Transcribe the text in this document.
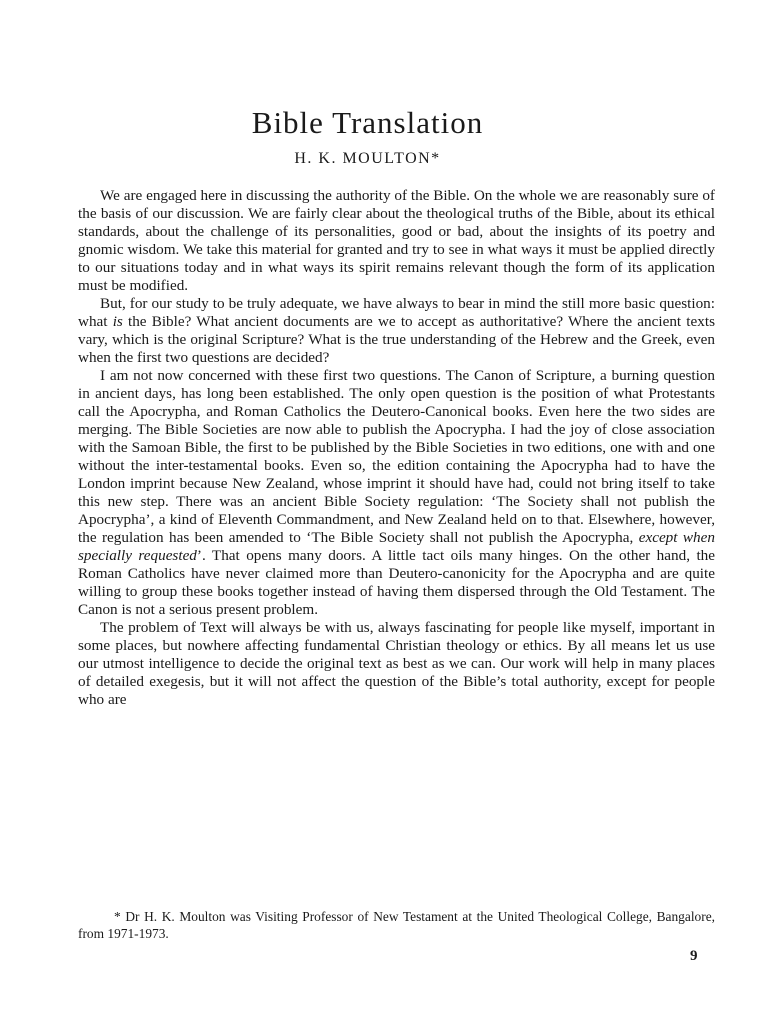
Bible Translation
H. K. MOULTON*

We are engaged here in discussing the authority of the Bible. On the whole we are reasonably sure of the basis of our discussion. We are fairly clear about the theological truths of the Bible, about its ethical standards, about the challenge of its personalities, good or bad, about the insights of its poetry and gnomic wisdom. We take this material for granted and try to see in what ways it must be applied directly to our situations today and in what ways its spirit remains relevant though the form of its application must be modified.

But, for our study to be truly adequate, we have always to bear in mind the still more basic question: what is the Bible? What ancient documents are we to accept as authoritative? Where the ancient texts vary, which is the original Scripture? What is the true understanding of the Hebrew and the Greek, even when the first two questions are decided?

I am not now concerned with these first two questions. The Canon of Scripture, a burning question in ancient days, has long been established. The only open question is the position of what Protestants call the Apocrypha, and Roman Catholics the Deutero-Canonical books. Even here the two sides are merging. The Bible Societies are now able to publish the Apocrypha. I had the joy of close association with the Samoan Bible, the first to be published by the Bible Societies in two editions, one with and one without the inter-testamental books. Even so, the edition containing the Apocrypha had to have the London imprint because New Zealand, whose imprint it should have had, could not bring itself to take this new step. There was an ancient Bible Society regulation: ‘The Society shall not publish the Apocrypha’, a kind of Eleventh Commandment, and New Zealand held on to that. Elsewhere, however, the regulation has been amended to ‘The Bible Society shall not publish the Apocrypha, except when specially requested’. That opens many doors. A little tact oils many hinges. On the other hand, the Roman Catholics have never claimed more than Deutero-canonicity for the Apocrypha and are quite willing to group these books together instead of having them dispersed through the Old Testament. The Canon is not a serious present problem.

The problem of Text will always be with us, always fascinating for people like myself, important in some places, but nowhere affecting fundamental Christian theology or ethics. By all means let us use our utmost intelligence to decide the original text as best as we can. Our work will help in many places of detailed exegesis, but it will not affect the question of the Bible’s total authority, except for people who are

* Dr H. K. Moulton was Visiting Professor of New Testament at the United Theological College, Bangalore, from 1971-1973.
9
